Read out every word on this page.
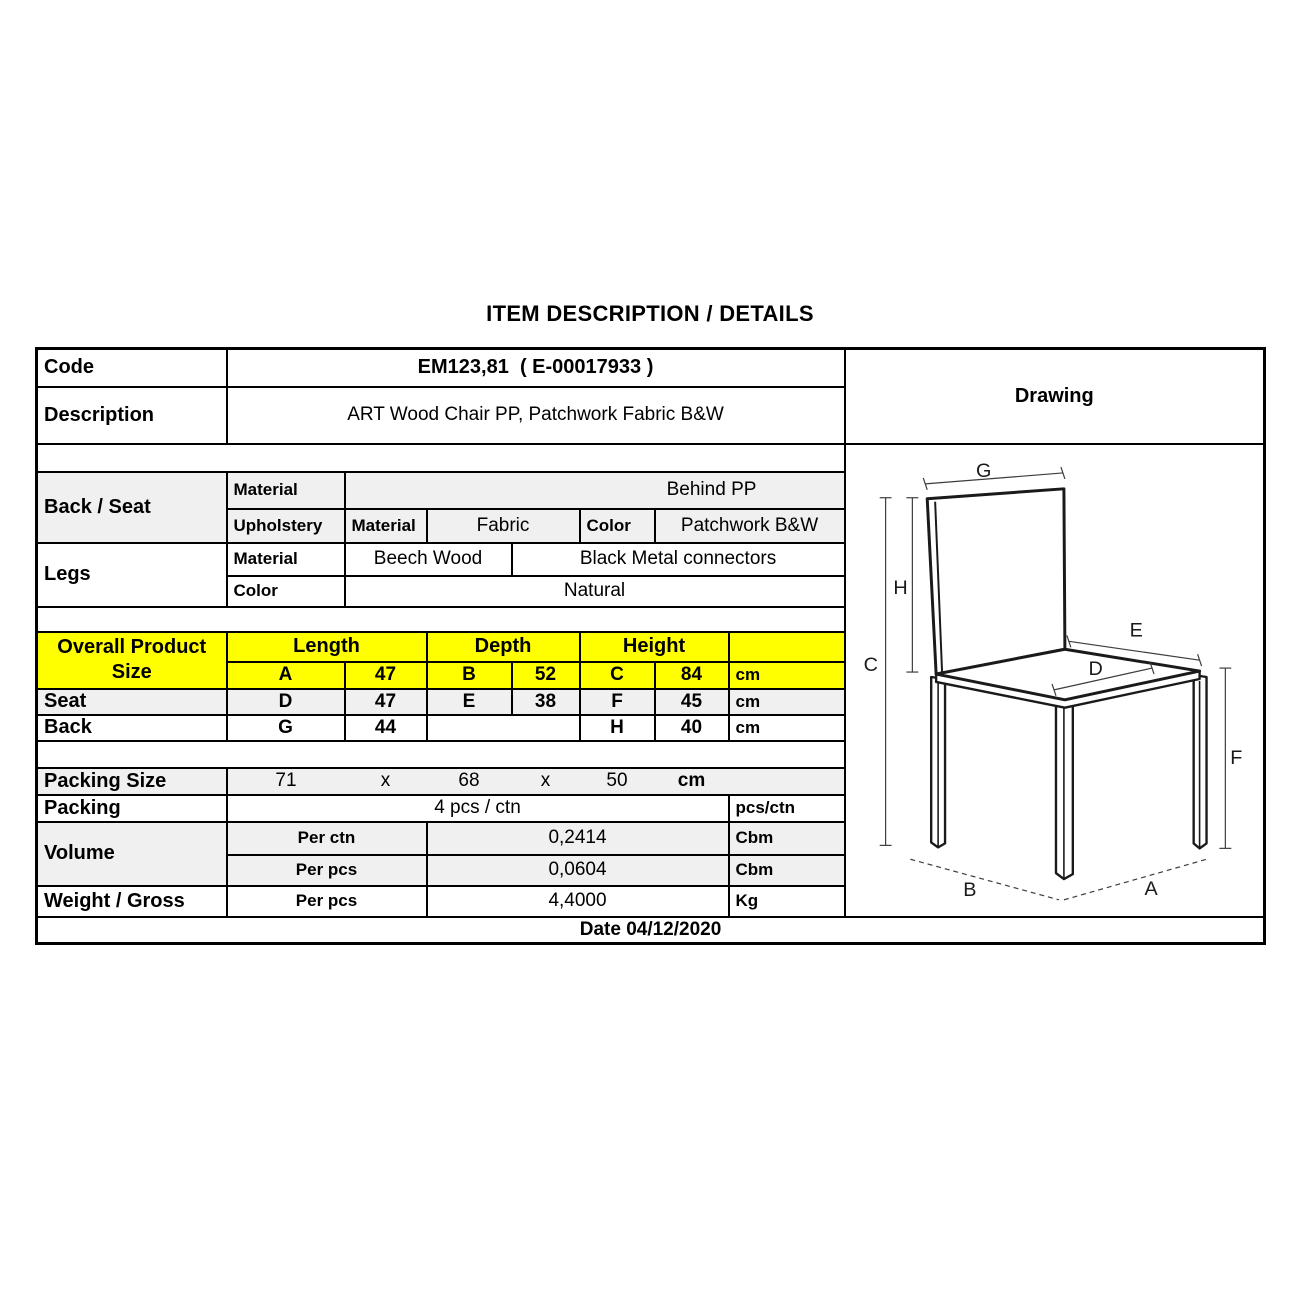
ITEM DESCRIPTION / DETAILS
Code	EM123,81  ( E-00017933 )							Drawing
Description	ART Wood Chair PP, Patchwork Fabric B&W							

G
H
C
E
D
F
B	A

Back / Seat	Material				Behind PP			
	Upholstery	Material	Fabric		Color	Patchwork B&W		
Legs	Material	Beech Wood		Black Metal connectors				
	Color	Natural						

Overall Product
Size	Length		Depth		Height			
	A	47	B	52	C	84	cm	
Seat	D	47	E	38	F	45	cm	
Back	G	44			H	40	cm	

Packing Size	71	x	68	x	50	cm		
Packing	4 pcs / ctn						pcs/ctn	
Volume	Per ctn		0,2414				Cbm	
	Per pcs		0,0604				Cbm	
Weight / Gross	Per pcs		4,4000				Kg	
Date 04/12/2020								
